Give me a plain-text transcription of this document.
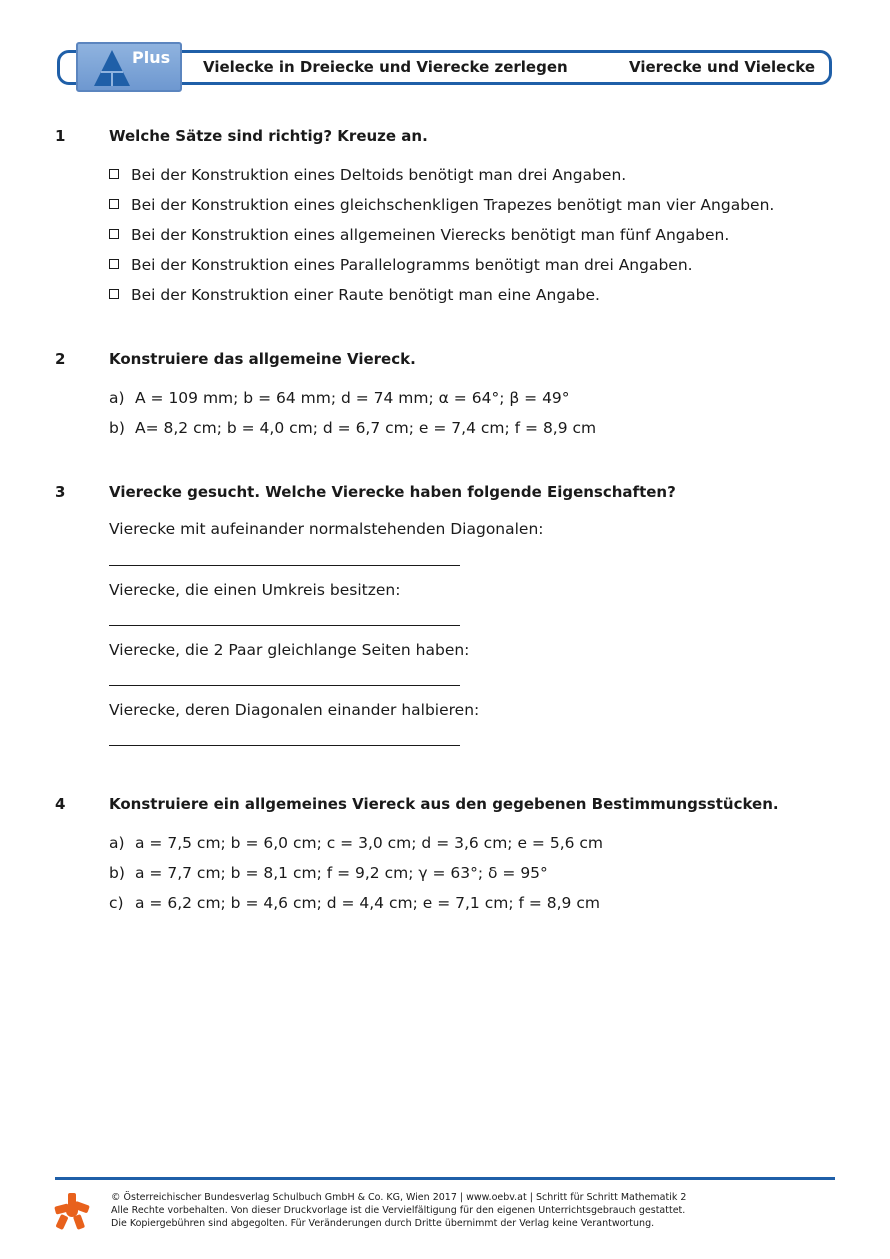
Plus Vielecke in Dreiecke und Vierecke zerlegen	Vierecke und Vielecke
1	Welche Sätze sind richtig? Kreuze an.
Bei der Konstruktion eines Deltoids benötigt man drei Angaben.
Bei der Konstruktion eines gleichschenkligen Trapezes benötigt man vier Angaben.
Bei der Konstruktion eines allgemeinen Vierecks benötigt man fünf Angaben.
Bei der Konstruktion eines Parallelogramms benötigt man drei Angaben.
Bei der Konstruktion einer Raute benötigt man eine Angabe.
2	Konstruiere das allgemeine Viereck.
a) A = 109 mm; b = 64 mm; d = 74 mm; α = 64°; β = 49°
b) A= 8,2 cm; b = 4,0 cm; d = 6,7 cm; e = 7,4 cm; f = 8,9 cm
3	Vierecke gesucht. Welche Vierecke haben folgende Eigenschaften?
Vierecke mit aufeinander normalstehenden Diagonalen:
Vierecke, die einen Umkreis besitzen:
Vierecke, die 2 Paar gleichlange Seiten haben:
Vierecke, deren Diagonalen einander halbieren:
4	Konstruiere ein allgemeines Viereck aus den gegebenen Bestimmungsstücken.
a) a = 7,5 cm; b = 6,0 cm; c = 3,0 cm; d = 3,6 cm; e = 5,6 cm
b) a = 7,7 cm; b = 8,1 cm; f = 9,2 cm; γ = 63°; δ = 95°
c) a = 6,2 cm; b = 4,6 cm; d = 4,4 cm; e = 7,1 cm; f = 8,9 cm
© Österreichischer Bundesverlag Schulbuch GmbH & Co. KG, Wien 2017 | www.oebv.at | Schritt für Schritt Mathematik 2
Alle Rechte vorbehalten. Von dieser Druckvorlage ist die Vervielfältigung für den eigenen Unterrichtsgebrauch gestattet.
Die Kopiergebühren sind abgegolten. Für Veränderungen durch Dritte übernimmt der Verlag keine Verantwortung.
